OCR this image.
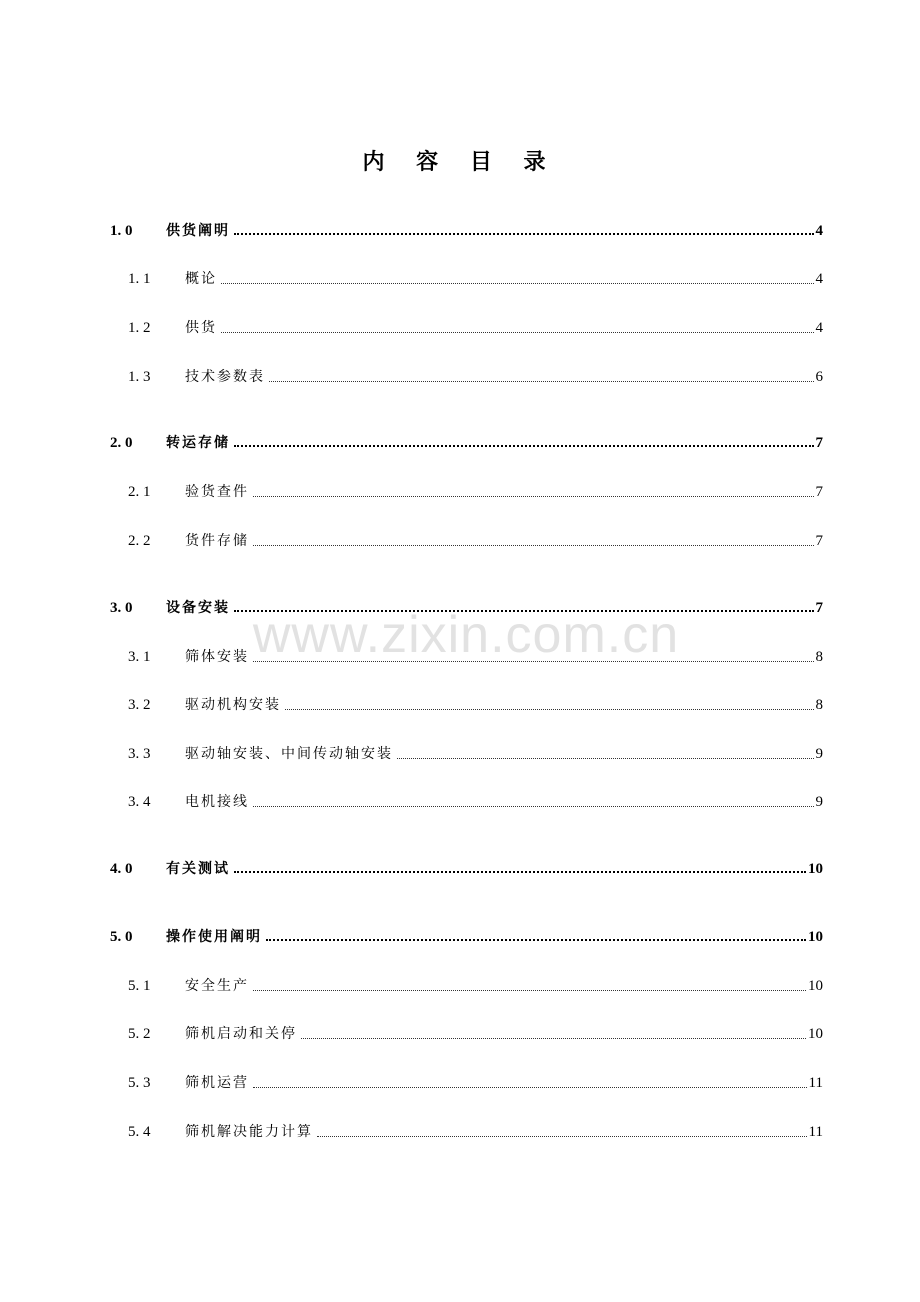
内 容 目 录
www.zixin.com.cn
1. 0	供货阐明	4
1. 1	概论	4
1. 2	供货	4
1. 3	技术参数表	6
2. 0	转运存储	7
2. 1	验货查件	7
2. 2	货件存储	7
3. 0	设备安装	7
3. 1	筛体安装	8
3. 2	驱动机构安装	8
3. 3	驱动轴安装、中间传动轴安装	9
3. 4	电机接线	9
4. 0	有关测试	10
5. 0	操作使用阐明	10
5. 1	安全生产	10
5. 2	筛机启动和关停	10
5. 3	筛机运营	11
5. 4	筛机解决能力计算	11
